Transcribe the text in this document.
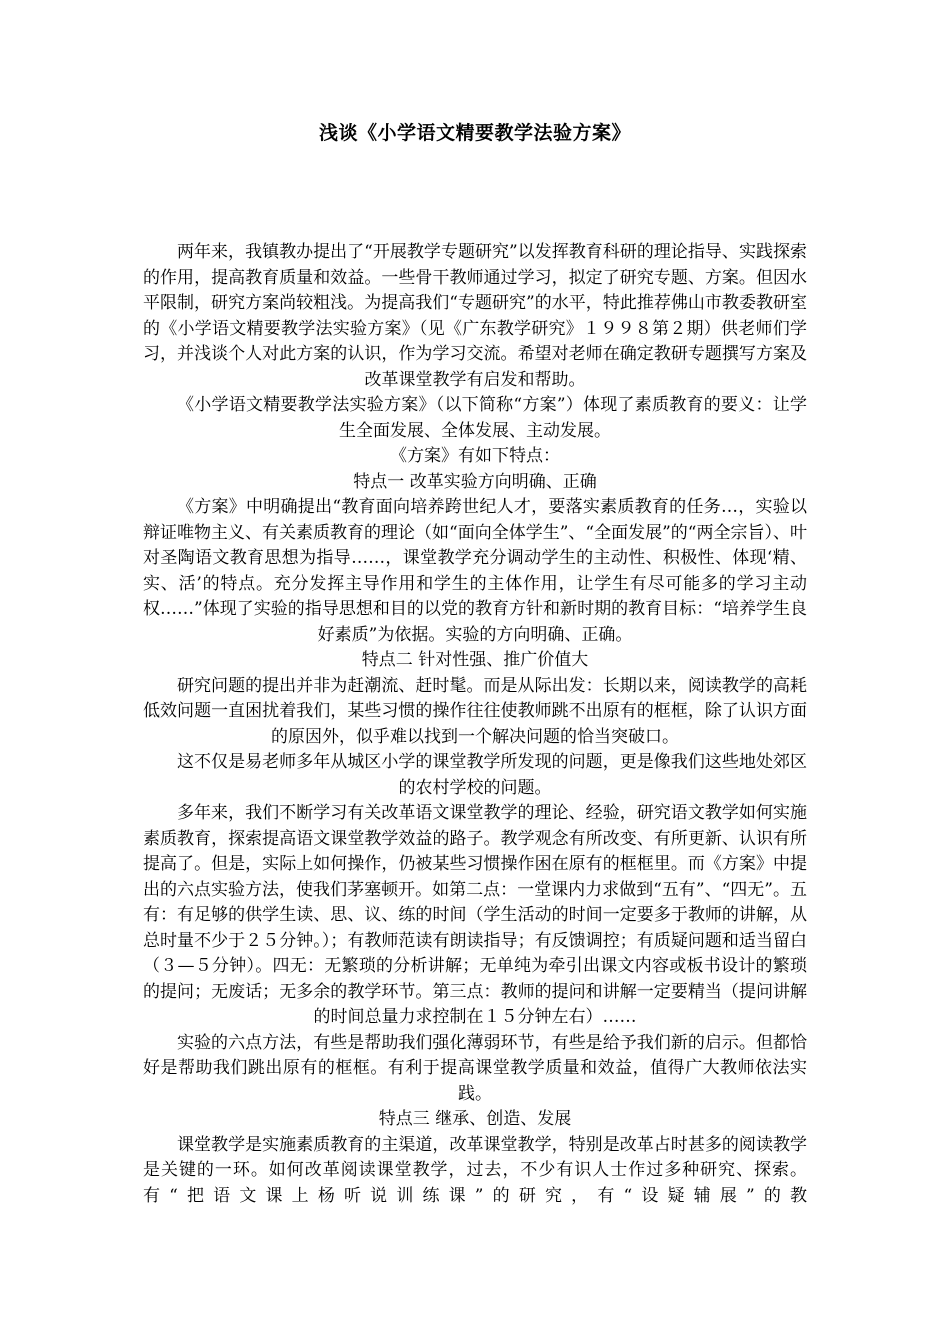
浅谈《小学语文精要教学法验方案》

两年来，我镇教办提出了“开展教学专题研究”以发挥教育科研的理论指导、实践探索的作用，提高教育质量和效益。一些骨干教师通过学习，拟定了研究专题、方案。但因水平限制，研究方案尚较粗浅。为提高我们“专题研究”的水平，特此推荐佛山市教委教研室的《小学语文精要教学法实验方案》（见《广东教学研究》１９９８第２期）供老师们学习，并浅谈个人对此方案的认识，作为学习交流。希望对老师在确定教研专题撰写方案及改革课堂教学有启发和帮助。

《小学语文精要教学法实验方案》（以下简称“方案”）体现了素质教育的要义：让学生全面发展、全体发展、主动发展。

《方案》有如下特点：

特点一 改革实验方向明确、正确

《方案》中明确提出“教育面向培养跨世纪人才，要落实素质教育的任务…，实验以辩证唯物主义、有关素质教育的理论（如“面向全体学生”、“全面发展”的“两全宗旨）、叶对圣陶语文教育思想为指导……，课堂教学充分调动学生的主动性、积极性、体现‘精、实、活’的特点。充分发挥主导作用和学生的主体作用，让学生有尽可能多的学习主动权……”体现了实验的指导思想和目的以党的教育方针和新时期的教育目标：“培养学生良好素质”为依据。实验的方向明确、正确。

特点二 针对性强、推广价值大

研究问题的提出并非为赶潮流、赶时髦。而是从际出发：长期以来，阅读教学的高耗低效问题一直困扰着我们，某些习惯的操作往往使教师跳不出原有的框框，除了认识方面的原因外，似乎难以找到一个解决问题的恰当突破口。

这不仅是易老师多年从城区小学的课堂教学所发现的问题，更是像我们这些地处郊区的农村学校的问题。

多年来，我们不断学习有关改革语文课堂教学的理论、经验，研究语文教学如何实施素质教育，探索提高语文课堂教学效益的路子。教学观念有所改变、有所更新、认识有所提高了。但是，实际上如何操作，仍被某些习惯操作困在原有的框框里。而《方案》中提出的六点实验方法，使我们茅塞顿开。如第二点：一堂课内力求做到“五有”、“四无”。五有：有足够的供学生读、思、议、练的时间（学生活动的时间一定要多于教师的讲解，从总时量不少于２５分钟。）；有教师范读有朗读指导；有反馈调控；有质疑问题和适当留白（３—５分钟）。四无：无繁琐的分析讲解；无单纯为牵引出课文内容或板书设计的繁琐的提问；无废话；无多余的教学环节。第三点：教师的提问和讲解一定要精当（提问讲解的时间总量力求控制在１５分钟左右）……

实验的六点方法，有些是帮助我们强化薄弱环节，有些是给予我们新的启示。但都恰好是帮助我们跳出原有的框框。有利于提高课堂教学质量和效益，值得广大教师依法实践。

特点三 继承、创造、发展

课堂教学是实施素质教育的主渠道，改革课堂教学，特别是改革占时甚多的阅读教学是关键的一环。如何改革阅读课堂教学，过去，不少有识人士作过多种研究、探索。有“把语文课上杨听说训练课”的研究，有“设疑辅展”的教
